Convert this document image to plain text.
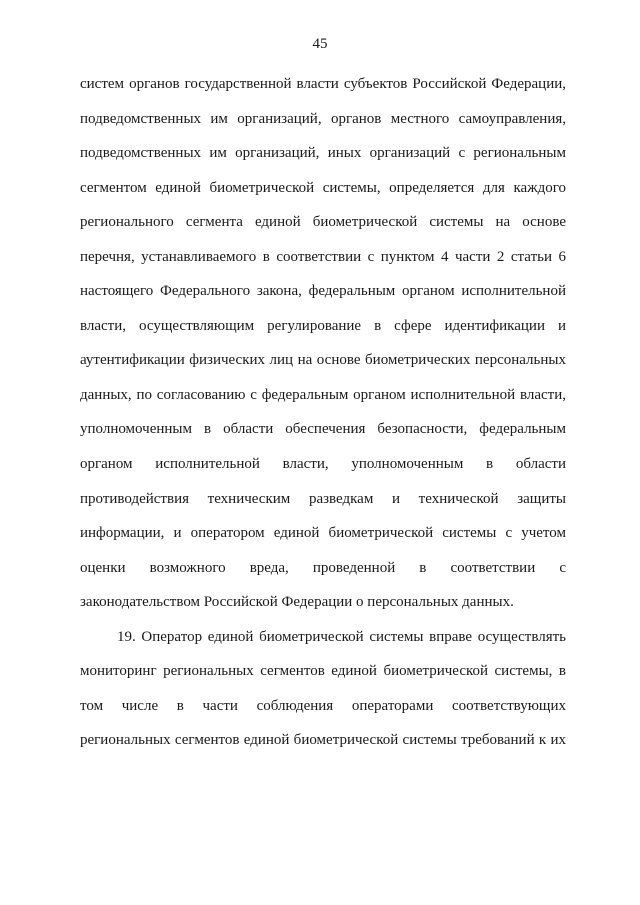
45
систем органов государственной власти субъектов Российской Федерации,
подведомственных им организаций, органов местного самоуправления,
подведомственных им организаций, иных организаций с региональным
сегментом единой биометрической системы, определяется для каждого
регионального сегмента единой биометрической системы на основе
перечня, устанавливаемого в соответствии с пунктом 4 части 2 статьи 6
настоящего Федерального закона, федеральным органом исполнительной
власти, осуществляющим регулирование в сфере идентификации и
аутентификации физических лиц на основе биометрических персональных
данных, по согласованию с федеральным органом исполнительной власти,
уполномоченным в области обеспечения безопасности, федеральным
органом исполнительной власти, уполномоченным в области
противодействия техническим разведкам и технической защиты
информации, и оператором единой биометрической системы с учетом
оценки возможного вреда, проведенной в соответствии с
законодательством Российской Федерации о персональных данных.
19. Оператор единой биометрической системы вправе осуществлять
мониторинг региональных сегментов единой биометрической системы, в
том числе в части соблюдения операторами соответствующих
региональных сегментов единой биометрической системы требований к их
